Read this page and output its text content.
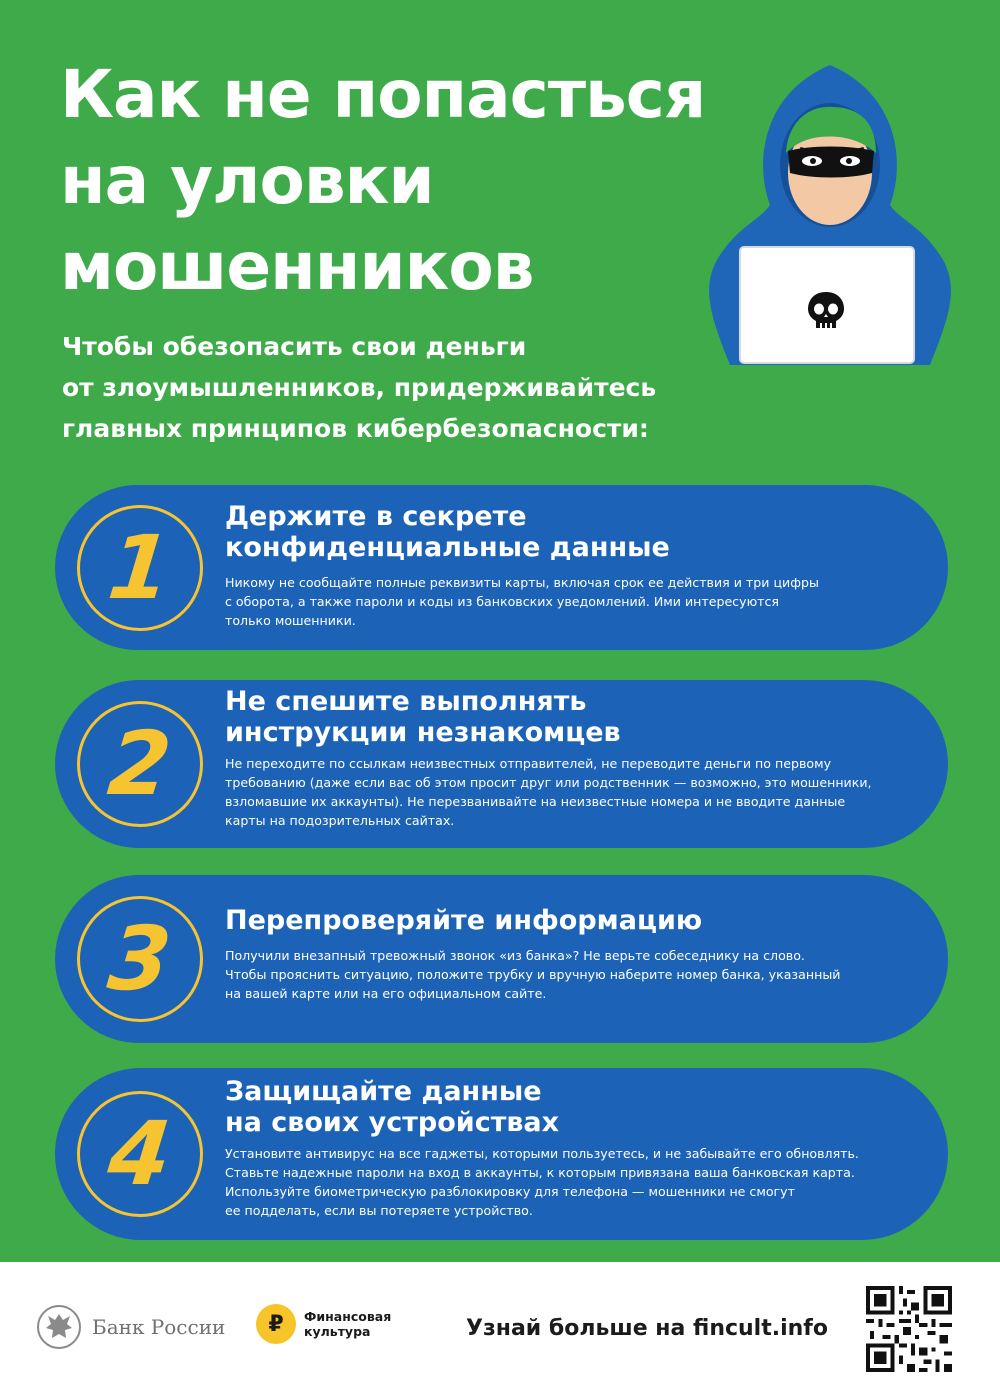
Как не попасться
на уловки
мошенников

Чтобы обезопасить свои деньги
от злоумышленников, придерживайтесь
главных принципов кибербезопасности:

1 Держите в секрете
конфиденциальные данные
Никому не сообщайте полные реквизиты карты, включая срок ее действия и три цифры
с оборота, а также пароли и коды из банковских уведомлений. Ими интересуются
только мошенники.
2
Не спешите выполнять
инструкции незнакомцев
Не переходите по ссылкам неизвестных отправителей, не переводите деньги по первому
требованию (даже если вас об этом просит друг или родственник — возможно, это мошенники,
взломавшие их аккаунты). Не перезванивайте на неизвестные номера и не вводите данные
карты на подозрительных сайтах.
3 Перепроверяйте информацию
Получили внезапный тревожный звонок «из банка»? Не верьте собеседнику на слово.
Чтобы прояснить ситуацию, положите трубку и вручную наберите номер банка, указанный
на вашей карте или на его официальном сайте.
4
Защищайте данные
на своих устройствах
Установите антивирус на все гаджеты, которыми пользуетесь, и не забывайте его обновлять.
Ставьте надежные пароли на вход в аккаунты, к которым привязана ваша банковская карта.
Используйте биометрическую разблокировку для телефона — мошенники не смогут
ее подделать, если вы потеряете устройство.
Банк России	₽	Финансовая
культура	Узнай больше на fincult.info
